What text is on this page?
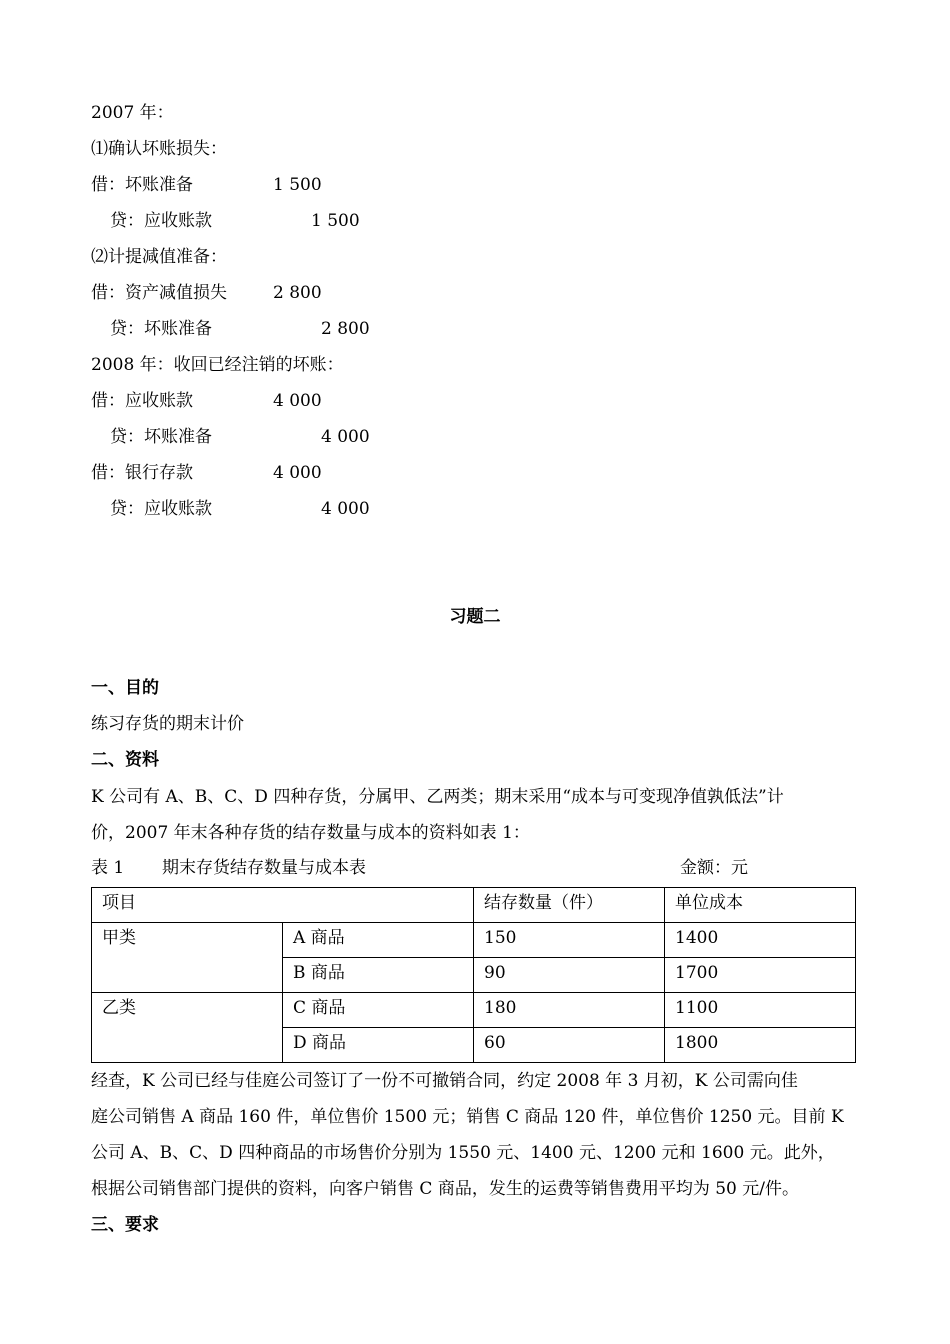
2007 年：
⑴确认坏账损失：
借：坏账准备	1 500
贷：应收账款	1 500
⑵计提减值准备：
借：资产减值损失	2 800
贷：坏账准备	2 800
2008 年：收回已经注销的坏账：
借：应收账款	4 000
贷：坏账准备	4 000
借：银行存款	4 000
贷：应收账款	4 000
习题二
一、目的
练习存货的期末计价
二、资料
K 公司有 A、B、C、D 四种存货，分属甲、乙两类；期末采用“成本与可变现净值孰低法”计
价，2007 年末各种存货的结存数量与成本的资料如表 1：
表 1 期末存货结存数量与成本表	金额：元
项目		结存数量（件）	单位成本
甲类	A 商品	150	1400
	B 商品	90	1700
乙类	C 商品	180	1100
	D 商品	60	1800
经查，K 公司已经与佳庭公司签订了一份不可撤销合同，约定 2008 年 3 月初，K 公司需向佳
庭公司销售 A 商品 160 件，单位售价 1500 元；销售 C 商品 120 件，单位售价 1250 元。目前 K
公司 A、B、C、D 四种商品的市场售价分别为 1550 元、1400 元、1200 元和 1600 元。此外，
根据公司销售部门提供的资料，向客户销售 C 商品，发生的运费等销售费用平均为 50 元/件。
三、要求
